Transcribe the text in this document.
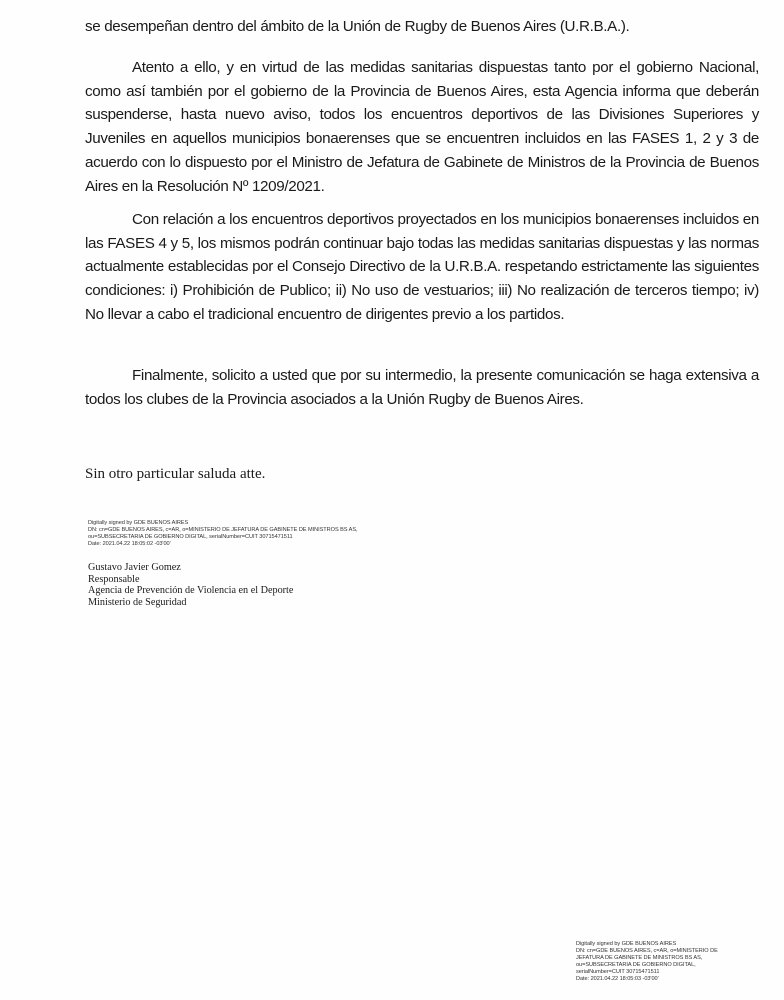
se desempeñan dentro del ámbito de la Unión de Rugby de Buenos Aires (U.R.B.A.).

Atento a ello, y en virtud de las medidas sanitarias dispuestas tanto por el gobierno Nacional, como así también por el gobierno de la Provincia de Buenos Aires, esta Agencia informa que deberán suspenderse, hasta nuevo aviso, todos los encuentros deportivos de las Divisiones Superiores y Juveniles en aquellos municipios bonaerenses que se encuentren incluidos en las FASES 1, 2 y 3 de acuerdo con lo dispuesto por el Ministro de Jefatura de Gabinete de Ministros de la Provincia de Buenos Aires en la Resolución Nº 1209/2021.

Con relación a los encuentros deportivos proyectados en los municipios bonaerenses incluidos en las FASES 4 y 5, los mismos podrán continuar bajo todas las medidas sanitarias dispuestas y las normas actualmente establecidas por el Consejo Directivo de la U.R.B.A. respetando estrictamente las siguientes condiciones: i) Prohibición de Publico; ii) No uso de vestuarios; iii) No realización de terceros tiempo; iv) No llevar a cabo el tradicional encuentro de dirigentes previo a los partidos.

Finalmente, solicito a usted que por su intermedio, la presente comunicación se haga extensiva a todos los clubes de la Provincia asociados a la Unión Rugby de Buenos Aires.

Sin otro particular saluda atte.
Digitally signed by GDE BUENOS AIRES
DN: cn=GDE BUENOS AIRES, c=AR, o=MINISTERIO DE JEFATURA DE GABINETE DE MINISTROS BS AS,
ou=SUBSECRETARIA DE GOBIERNO DIGITAL, serialNumber=CUIT 30715471511
Date: 2021.04.22 18:05:02 -03'00'
Gustavo Javier Gomez
Responsable
Agencia de Prevención de Violencia en el Deporte
Ministerio de Seguridad
Digitally signed by GDE BUENOS AIRES
DN: cn=GDE BUENOS AIRES, c=AR, o=MINISTERIO DE
JEFATURA DE GABINETE DE MINISTROS BS AS,
ou=SUBSECRETARIA DE GOBIERNO DIGITAL,
serialNumber=CUIT 30715471511
Date: 2021.04.22 18:05:03 -03'00'
